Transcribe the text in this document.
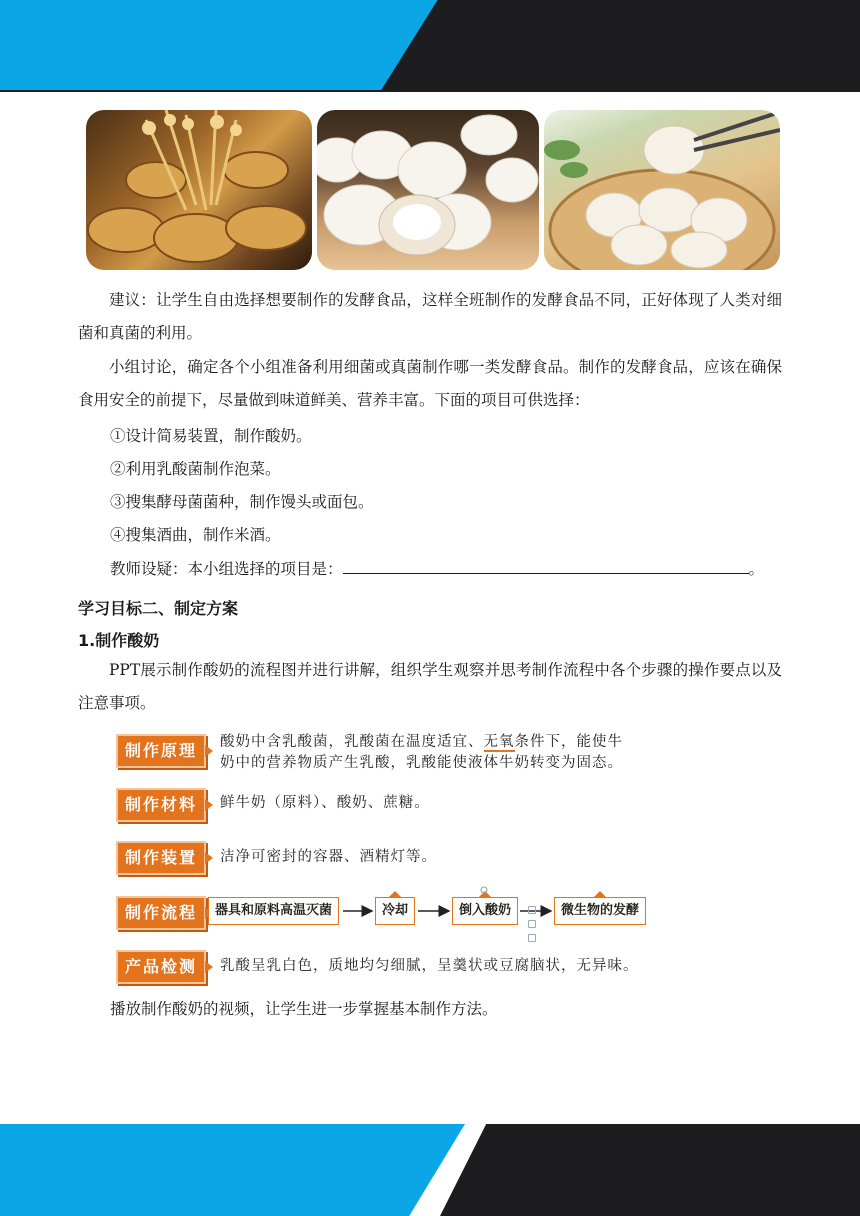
建议：让学生自由选择想要制作的发酵食品，这样全班制作的发酵食品不同，正好体现了人类对细菌和真菌的利用。
小组讨论，确定各个小组准备利用细菌或真菌制作哪一类发酵食品。制作的发酵食品，应该在确保食用安全的前提下，尽量做到味道鲜美、营养丰富。下面的项目可供选择：
①设计简易装置，制作酸奶。
②利用乳酸菌制作泡菜。
③搜集酵母菌菌种，制作馒头或面包。
④搜集酒曲，制作米酒。
教师设疑：本小组选择的项目是：	。
学习目标二、制定方案
1.制作酸奶
PPT展示制作酸奶的流程图并进行讲解，组织学生观察并思考制作流程中各个步骤的操作要点以及注意事项。
制作原理	酸奶中含乳酸菌，乳酸菌在温度适宜、无氧条件下，能使牛
奶中的营养物质产生乳酸，乳酸能使液体牛奶转变为固态。
制作材料	鲜牛奶（原料）、酸奶、蔗糖。
制作装置	洁净可密封的容器、酒精灯等。
制作流程	器具和原料高温灭菌	冷却	倒入酸奶	微生物的发酵
产品检测	乳酸呈乳白色，质地均匀细腻，呈羹状或豆腐脑状，无异味。
播放制作酸奶的视频，让学生进一步掌握基本制作方法。
